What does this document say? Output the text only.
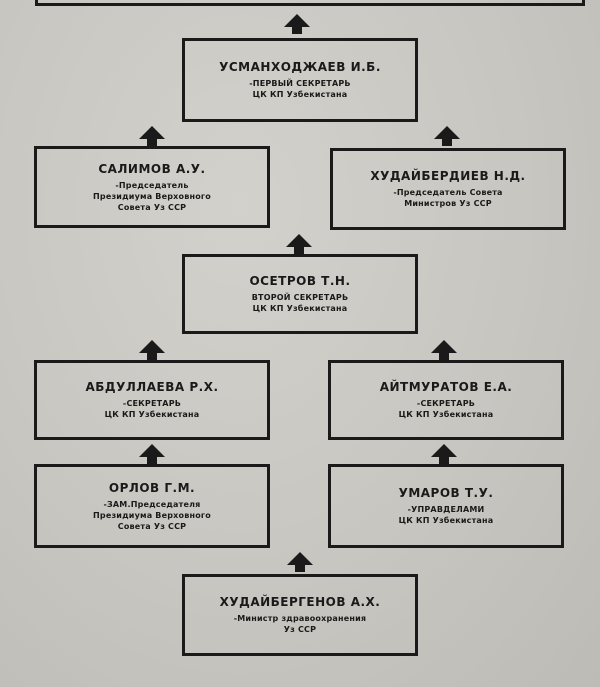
УСМАНХОДЖАЕВ И.Б.
-ПЕРВЫЙ СЕКРЕТАРЬ
ЦК КП Узбекистана
САЛИМОВ А.У.
-Председатель
Президиума Верховного
Совета Уз ССР
ХУДАЙБЕРДИЕВ Н.Д.
-Председатель Совета
Министров Уз ССР
ОСЕТРОВ Т.Н.
ВТОРОЙ СЕКРЕТАРЬ
ЦК КП Узбекистана
АБДУЛЛАЕВА Р.Х.
-СЕКРЕТАРЬ
ЦК КП Узбекистана
АЙТМУРАТОВ Е.А.
-СЕКРЕТАРЬ
ЦК КП Узбекистана
ОРЛОВ Г.М.
-ЗАМ.Председателя
Президиума Верховного
Совета Уз ССР
УМАРОВ Т.У.
-УПРАВДЕЛАМИ
ЦК КП Узбекистана
ХУДАЙБЕРГЕНОВ А.Х.
-Министр здравоохранения
Уз ССР
